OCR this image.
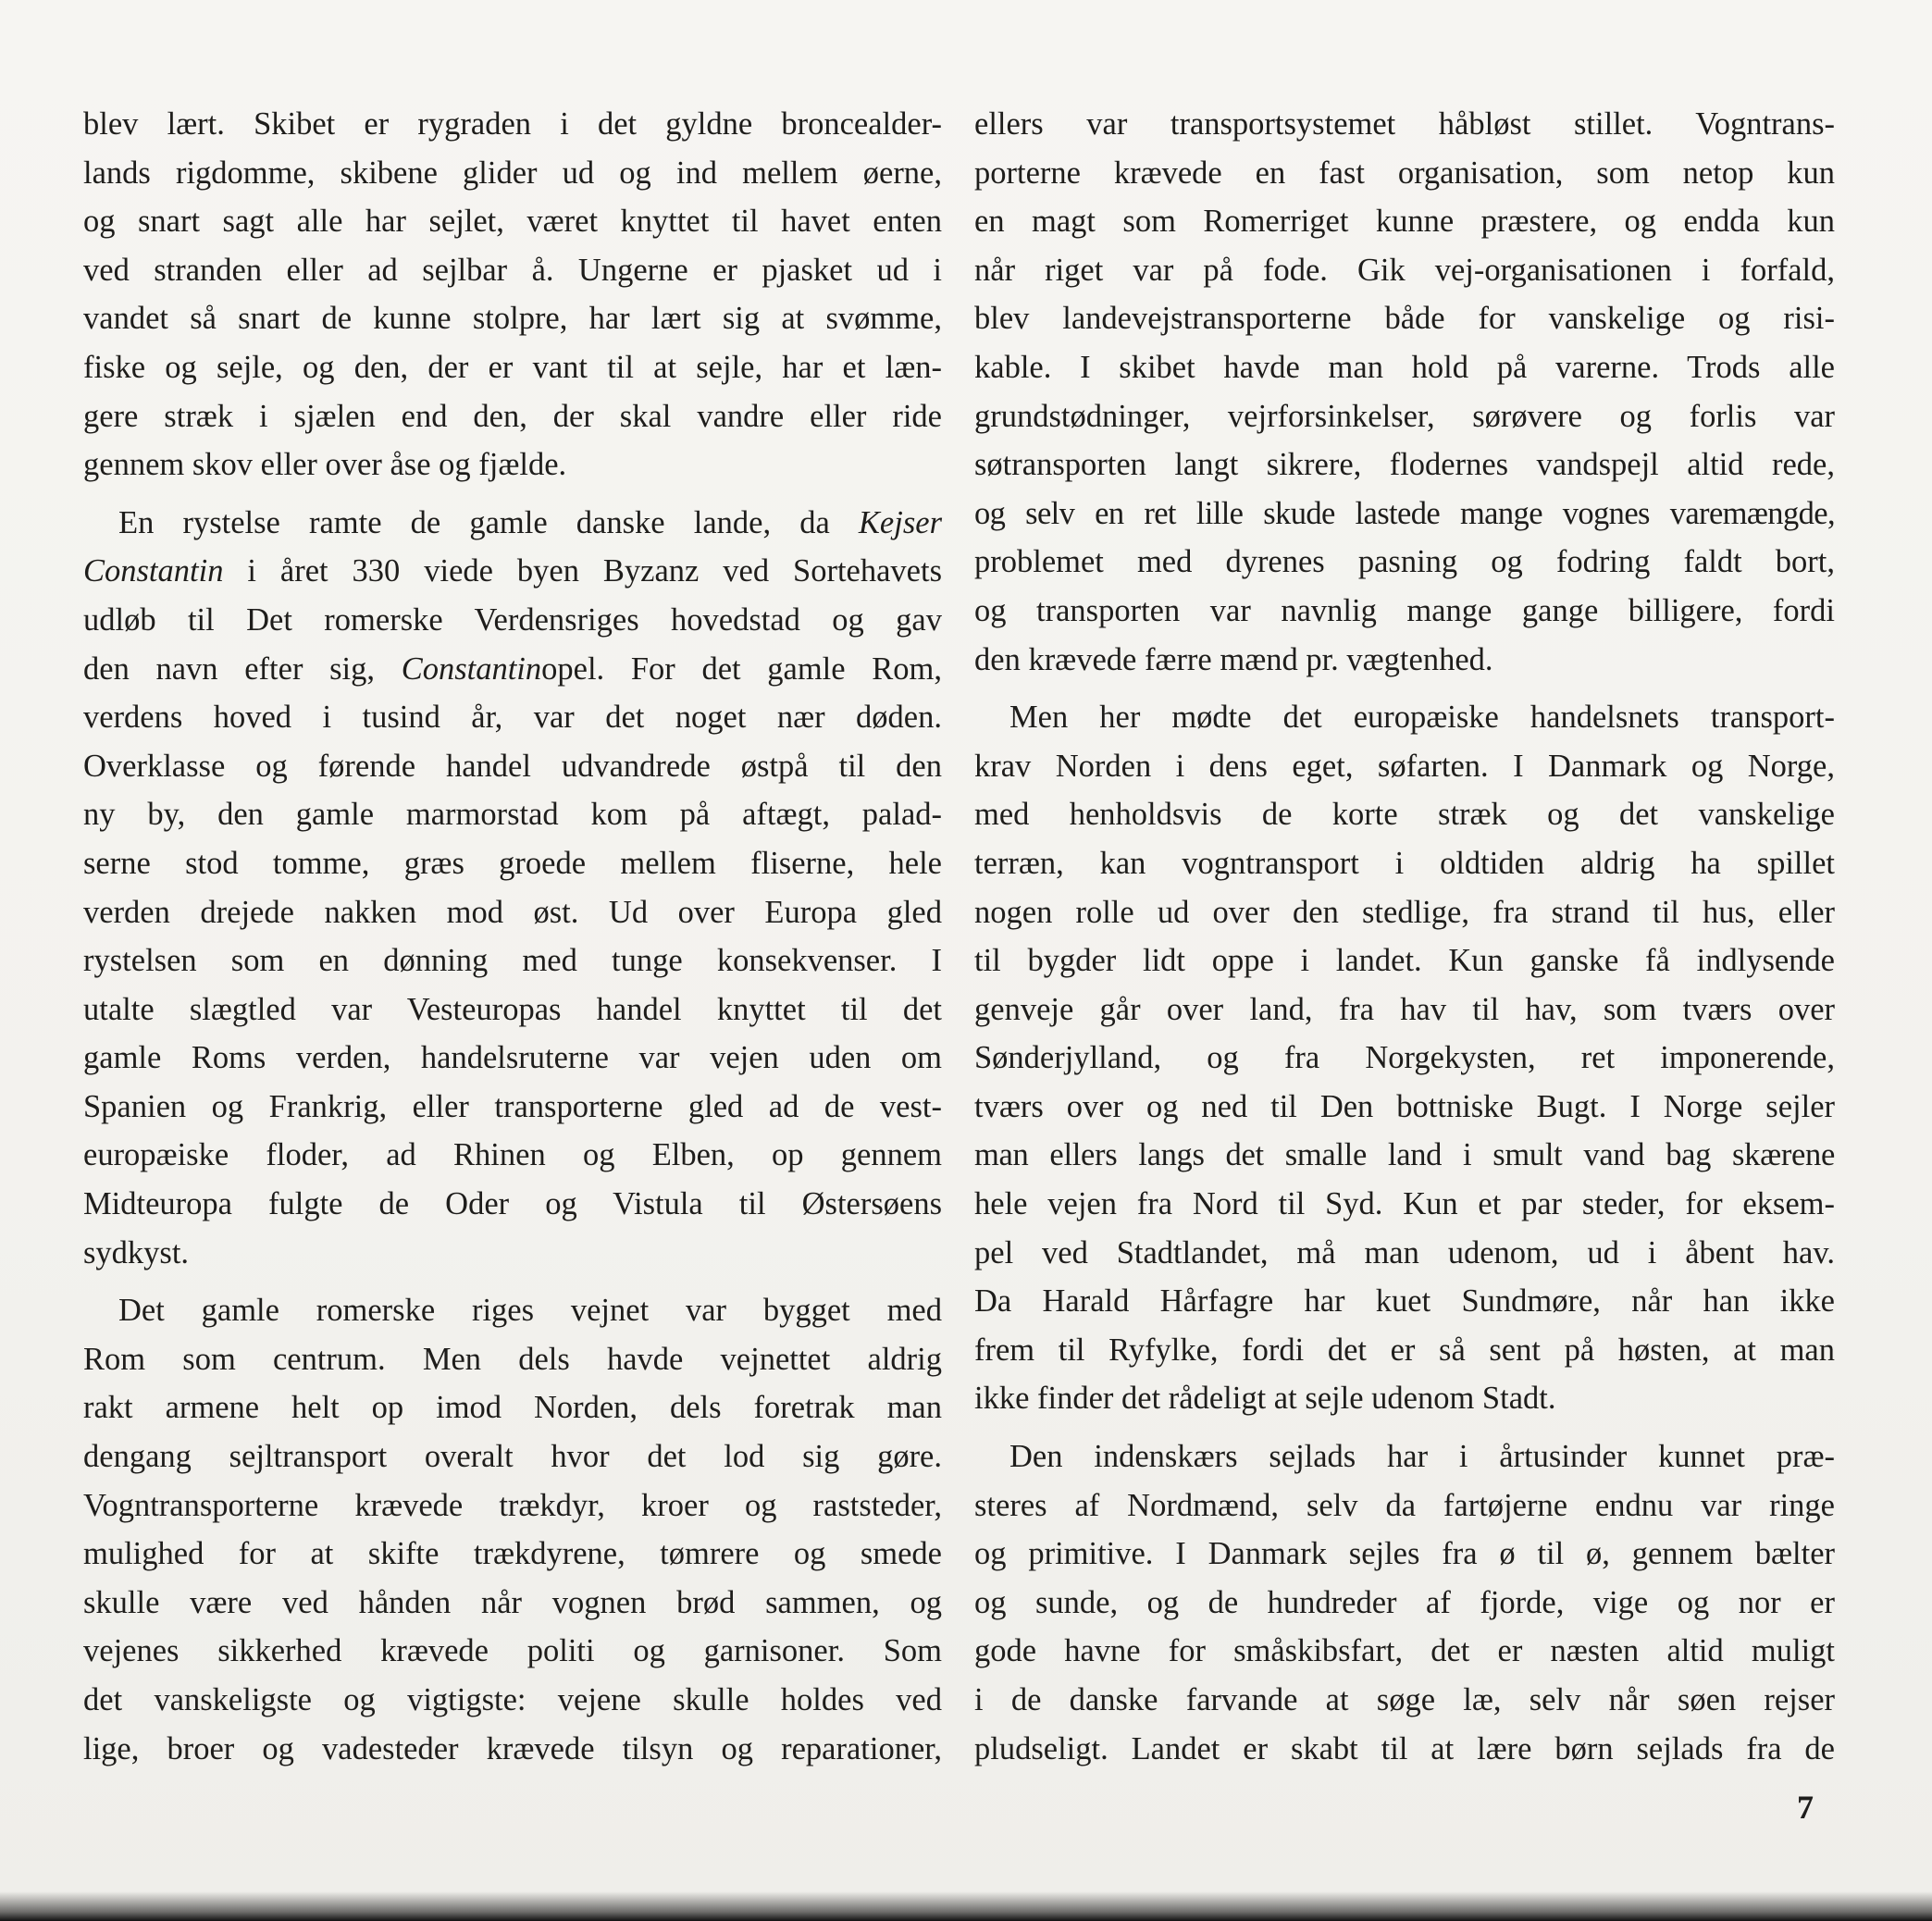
blev lært. Skibet er rygraden i det gyldne broncealder-

lands rigdomme, skibene glider ud og ind mellem øerne,

og snart sagt alle har sejlet, været knyttet til havet enten

ved stranden eller ad sejlbar å. Ungerne er pjasket ud i

vandet så snart de kunne stolpre, har lært sig at svømme,

fiske og sejle, og den, der er vant til at sejle, har et læn-

gere stræk i sjælen end den, der skal vandre eller ride

gennem skov eller over åse og fjælde.

En rystelse ramte de gamle danske lande, da Kejser

Constantin i året 330 viede byen Byzanz ved Sortehavets

udløb til Det romerske Verdensriges hovedstad og gav

den navn efter sig, Constantinopel. For det gamle Rom,

verdens hoved i tusind år, var det noget nær døden.

Overklasse og førende handel udvandrede østpå til den

ny by, den gamle marmorstad kom på aftægt, palad-

serne stod tomme, græs groede mellem fliserne, hele

verden drejede nakken mod øst. Ud over Europa gled

rystelsen som en dønning med tunge konsekvenser. I

utalte slægtled var Vesteuropas handel knyttet til det

gamle Roms verden, handelsruterne var vejen uden om

Spanien og Frankrig, eller transporterne gled ad de vest-

europæiske floder, ad Rhinen og Elben, op gennem

Midteuropa fulgte de Oder og Vistula til Østersøens

sydkyst.

Det gamle romerske riges vejnet var bygget med

Rom som centrum. Men dels havde vejnettet aldrig

rakt armene helt op imod Norden, dels foretrak man

dengang sejltransport overalt hvor det lod sig gøre.

Vogntransporterne krævede trækdyr, kroer og raststeder,

mulighed for at skifte trækdyrene, tømrere og smede

skulle være ved hånden når vognen brød sammen, og

vejenes sikkerhed krævede politi og garnisoner. Som

det vanskeligste og vigtigste: vejene skulle holdes ved

lige, broer og vadesteder krævede tilsyn og reparationer,

ellers var transportsystemet håbløst stillet. Vogntrans-

porterne krævede en fast organisation, som netop kun

en magt som Romerriget kunne præstere, og endda kun

når riget var på fode. Gik vej-organisationen i forfald,

blev landevejstransporterne både for vanskelige og risi-

kable. I skibet havde man hold på varerne. Trods alle

grundstødninger, vejrforsinkelser, sørøvere og forlis var

søtransporten langt sikrere, flodernes vandspejl altid rede,

og selv en ret lille skude lastede mange vognes varemængde,

problemet med dyrenes pasning og fodring faldt bort,

og transporten var navnlig mange gange billigere, fordi

den krævede færre mænd pr. vægtenhed.

Men her mødte det europæiske handelsnets transport-

krav Norden i dens eget, søfarten. I Danmark og Norge,

med henholdsvis de korte stræk og det vanskelige

terræn, kan vogntransport i oldtiden aldrig ha spillet

nogen rolle ud over den stedlige, fra strand til hus, eller

til bygder lidt oppe i landet. Kun ganske få indlysende

genveje går over land, fra hav til hav, som tværs over

Sønderjylland, og fra Norgekysten, ret imponerende,

tværs over og ned til Den bottniske Bugt. I Norge sejler

man ellers langs det smalle land i smult vand bag skærene

hele vejen fra Nord til Syd. Kun et par steder, for eksem-

pel ved Stadtlandet, må man udenom, ud i åbent hav.

Da Harald Hårfagre har kuet Sundmøre, når han ikke

frem til Ryfylke, fordi det er så sent på høsten, at man

ikke finder det rådeligt at sejle udenom Stadt.

Den indenskærs sejlads har i årtusinder kunnet præ-

steres af Nordmænd, selv da fartøjerne endnu var ringe

og primitive. I Danmark sejles fra ø til ø, gennem bælter

og sunde, og de hundreder af fjorde, vige og nor er

gode havne for småskibsfart, det er næsten altid muligt

i de danske farvande at søge læ, selv når søen rejser

pludseligt. Landet er skabt til at lære børn sejlads fra de

7
